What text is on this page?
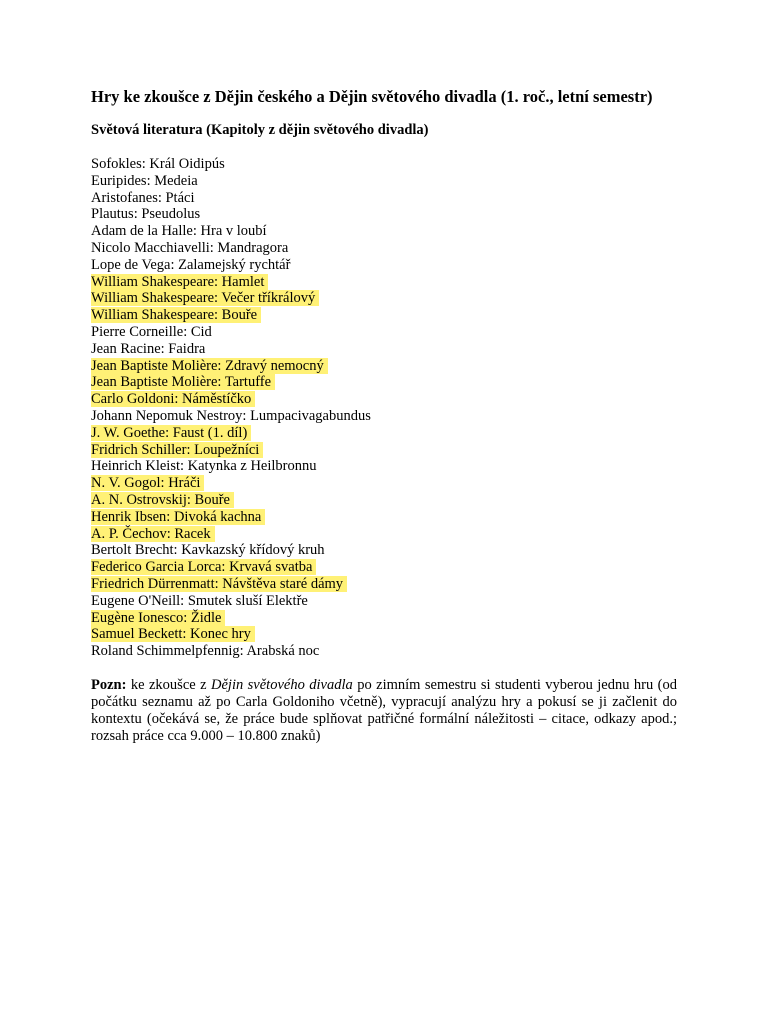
Hry ke zkoušce z Dějin českého a Dějin světového divadla (1. roč., letní semestr)
Světová literatura (Kapitoly z dějin světového divadla)
Sofokles: Král Oidipús
Euripides: Medeia
Aristofanes: Ptáci
Plautus: Pseudolus
Adam de la Halle: Hra v loubí
Nicolo Macchiavelli: Mandragora
Lope de Vega: Zalamejský rychtář
William Shakespeare: Hamlet
William Shakespeare: Večer tříkrálový
William Shakespeare: Bouře
Pierre Corneille: Cid
Jean Racine: Faidra
Jean Baptiste Molière: Zdravý nemocný
Jean Baptiste Molière: Tartuffe
Carlo Goldoni: Náměstíčko
Johann Nepomuk Nestroy: Lumpacivagabundus
J. W. Goethe: Faust (1. díl)
Fridrich Schiller: Loupežníci
Heinrich Kleist: Katynka z Heilbronnu
N. V. Gogol: Hráči
A. N. Ostrovskij: Bouře
Henrik Ibsen: Divoká kachna
A. P. Čechov: Racek
Bertolt Brecht: Kavkazský křídový kruh
Federico Garcia Lorca: Krvavá svatba
Friedrich Dürrenmatt: Návštěva staré dámy
Eugene O'Neill: Smutek sluší Elektře
Eugène Ionesco: Židle
Samuel Beckett: Konec hry
Roland Schimmelpfennig: Arabská noc

Pozn: ke zkoušce z Dějin světového divadla po zimním semestru si studenti vyberou jednu hru (od počátku seznamu až po Carla Goldoniho včetně), vypracují analýzu hry a pokusí se ji začlenit do kontextu (očekává se, že práce bude splňovat patřičné formální náležitosti – citace, odkazy apod.; rozsah práce cca 9.000 – 10.800 znaků)
